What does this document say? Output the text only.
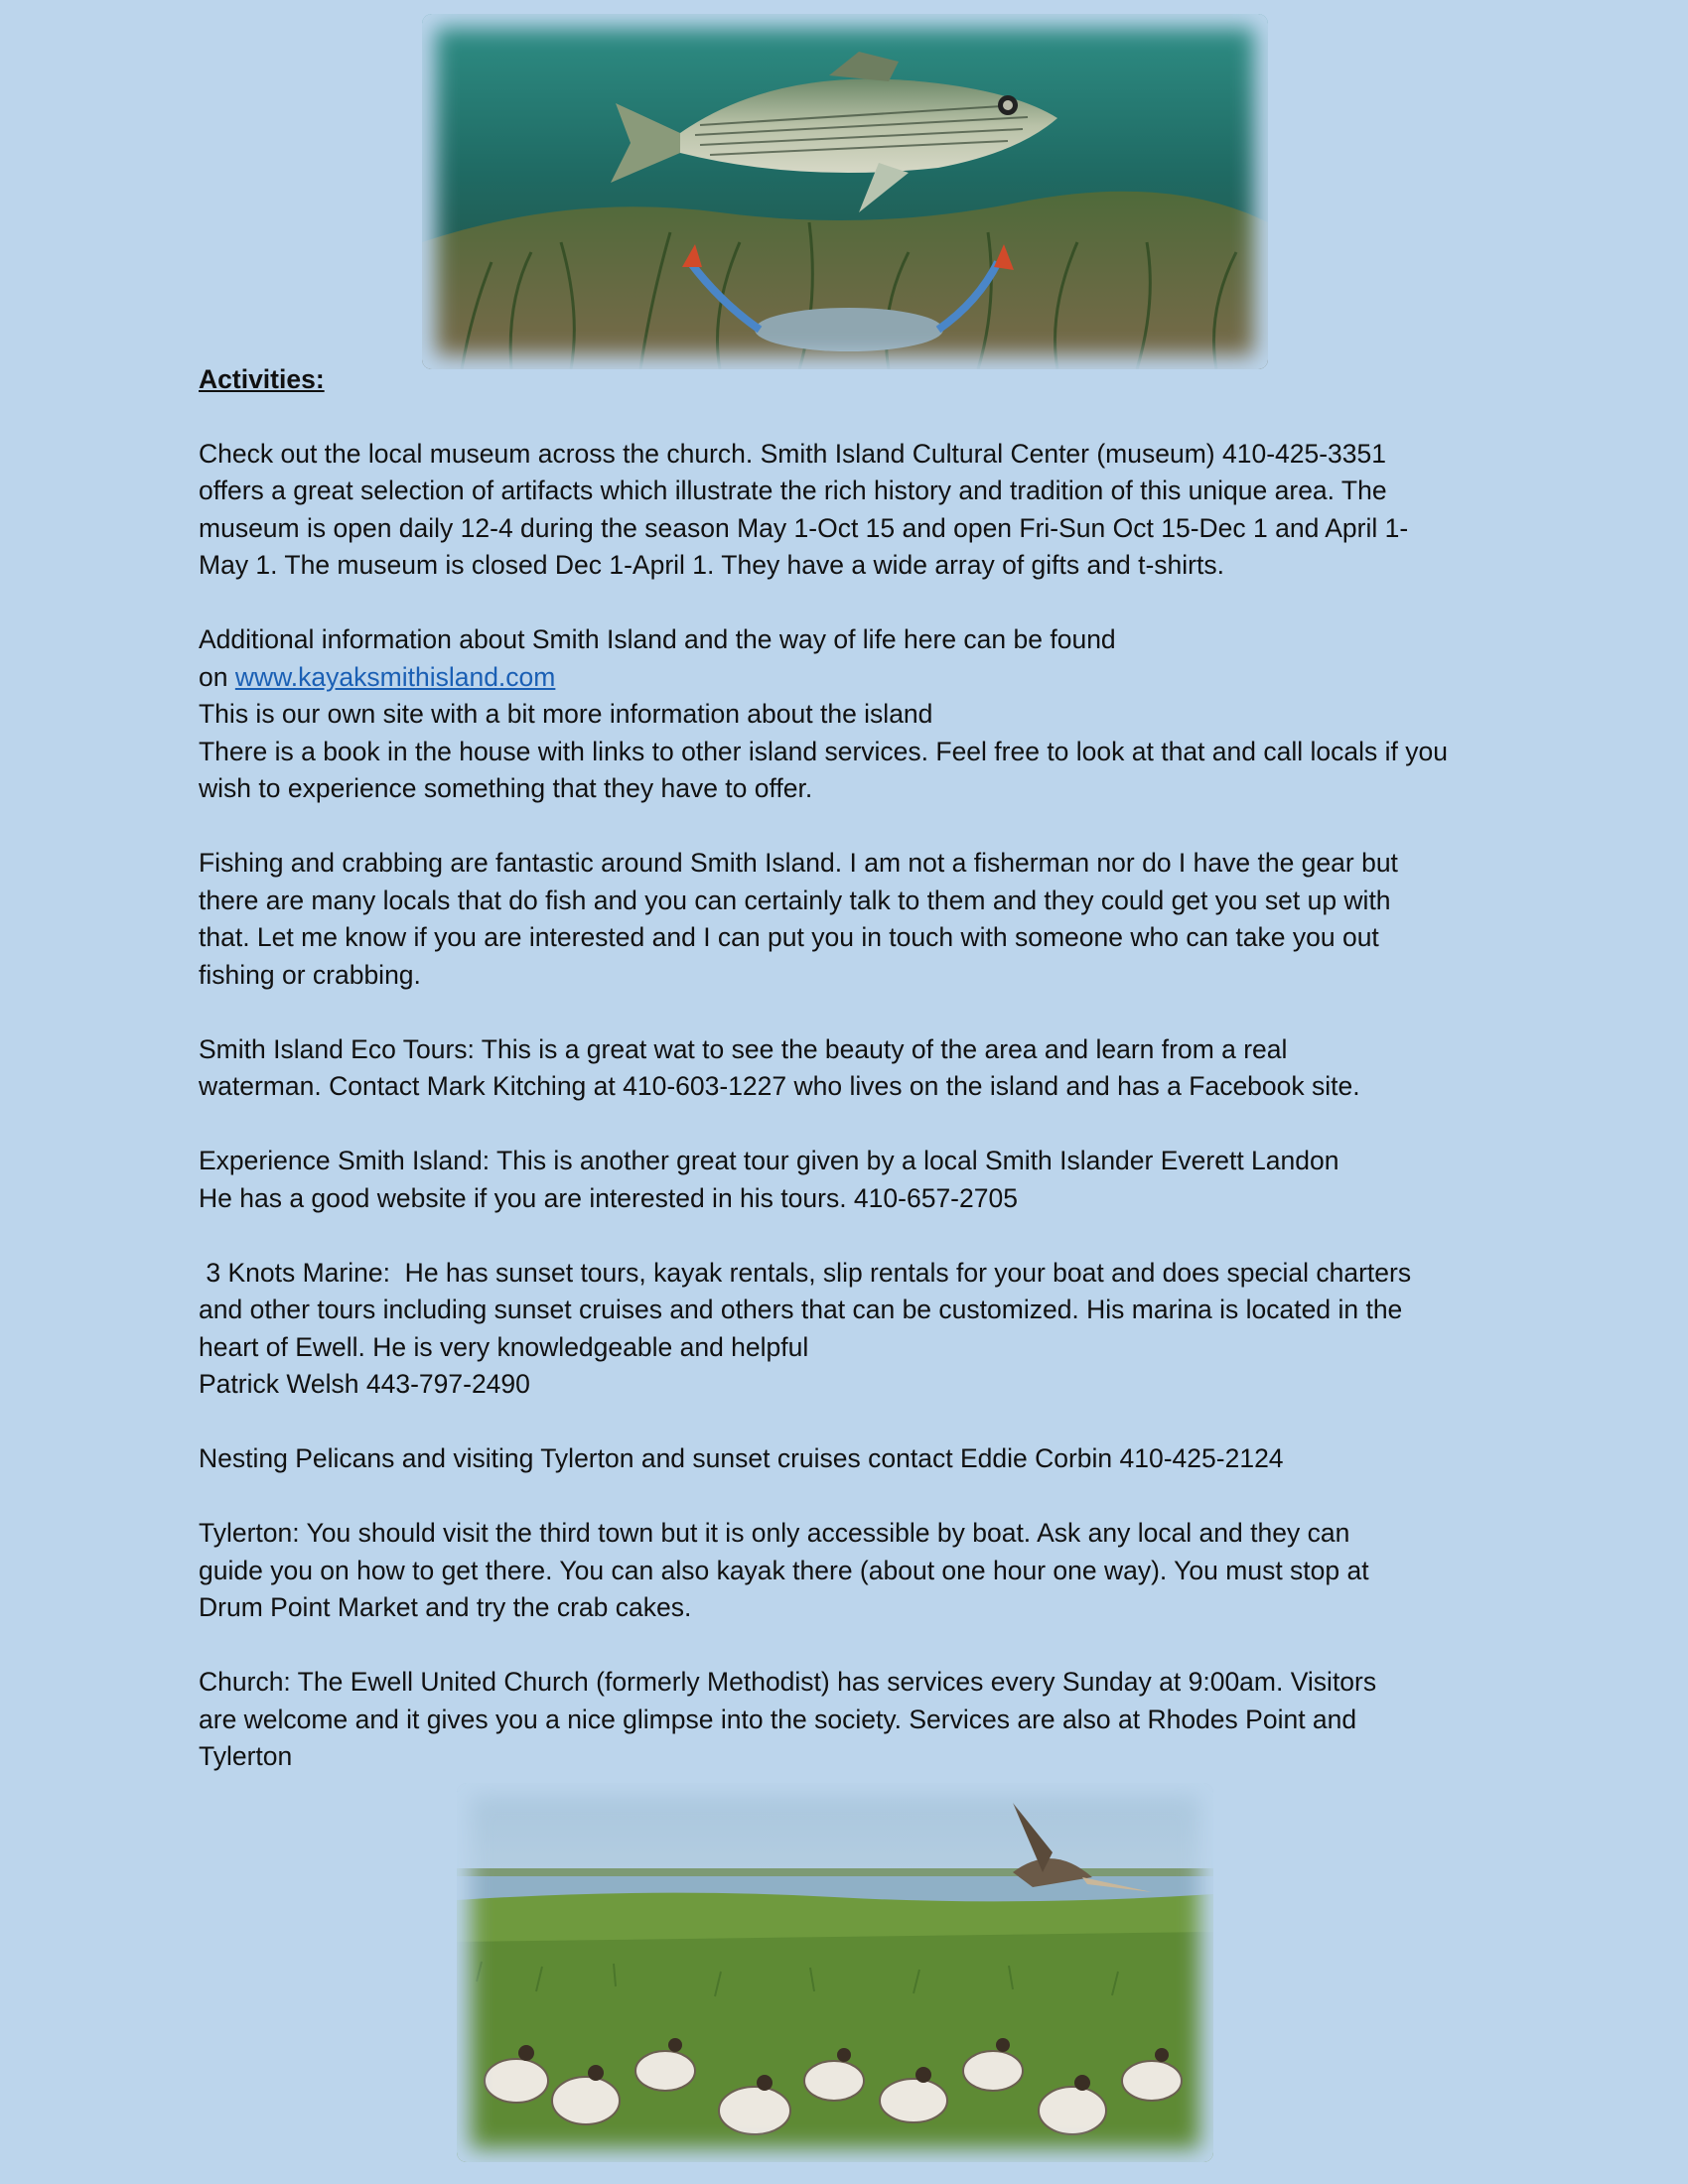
Activities:
Check out the local museum across the church. Smith Island Cultural Center (museum) 410-425-3351
offers a great selection of artifacts which illustrate the rich history and tradition of this unique area. The
museum is open daily 12-4 during the season May 1-Oct 15 and open Fri-Sun Oct 15-Dec 1 and April 1-
May 1. The museum is closed Dec 1-April 1. They have a wide array of gifts and t-shirts.
Additional information about Smith Island and the way of life here can be found
on www.kayaksmithisland.com
This is our own site with a bit more information about the island
There is a book in the house with links to other island services. Feel free to look at that and call locals if you
wish to experience something that they have to offer.
Fishing and crabbing are fantastic around Smith Island. I am not a fisherman nor do I have the gear but
there are many locals that do fish and you can certainly talk to them and they could get you set up with
that. Let me know if you are interested and I can put you in touch with someone who can take you out
fishing or crabbing.
Smith Island Eco Tours: This is a great wat to see the beauty of the area and learn from a real
waterman. Contact Mark Kitching at 410-603-1227 who lives on the island and has a Facebook site.
Experience Smith Island: This is another great tour given by a local Smith Islander Everett Landon
He has a good website if you are interested in his tours. 410-657-2705
3 Knots Marine:  He has sunset tours, kayak rentals, slip rentals for your boat and does special charters
and other tours including sunset cruises and others that can be customized. His marina is located in the
heart of Ewell. He is very knowledgeable and helpful
Patrick Welsh 443-797-2490
Nesting Pelicans and visiting Tylerton and sunset cruises contact Eddie Corbin 410-425-2124
Tylerton: You should visit the third town but it is only accessible by boat. Ask any local and they can
guide you on how to get there. You can also kayak there (about one hour one way). You must stop at
Drum Point Market and try the crab cakes.
Church: The Ewell United Church (formerly Methodist) has services every Sunday at 9:00am. Visitors
are welcome and it gives you a nice glimpse into the society. Services are also at Rhodes Point and
Tylerton
